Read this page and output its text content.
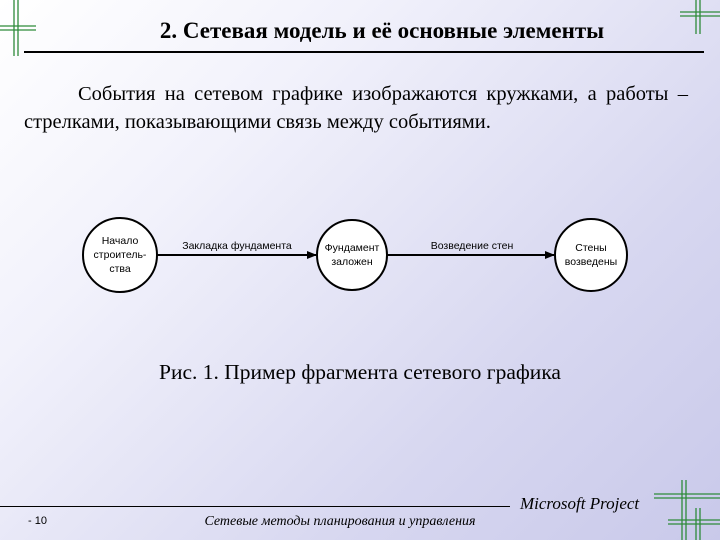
2. Сетевая модель и её основные элементы
События на сетевом графике изображаются кружками, а работы – стрелками, показывающими связь между событиями.
Начало
строитель-
ства
Фундамент
заложен
Стены
возведены
Закладка фундамента	Возведение стен
Рис. 1. Пример фрагмента сетевого графика
- 10	Сетевые методы планирования и управления
Microsoft Project
